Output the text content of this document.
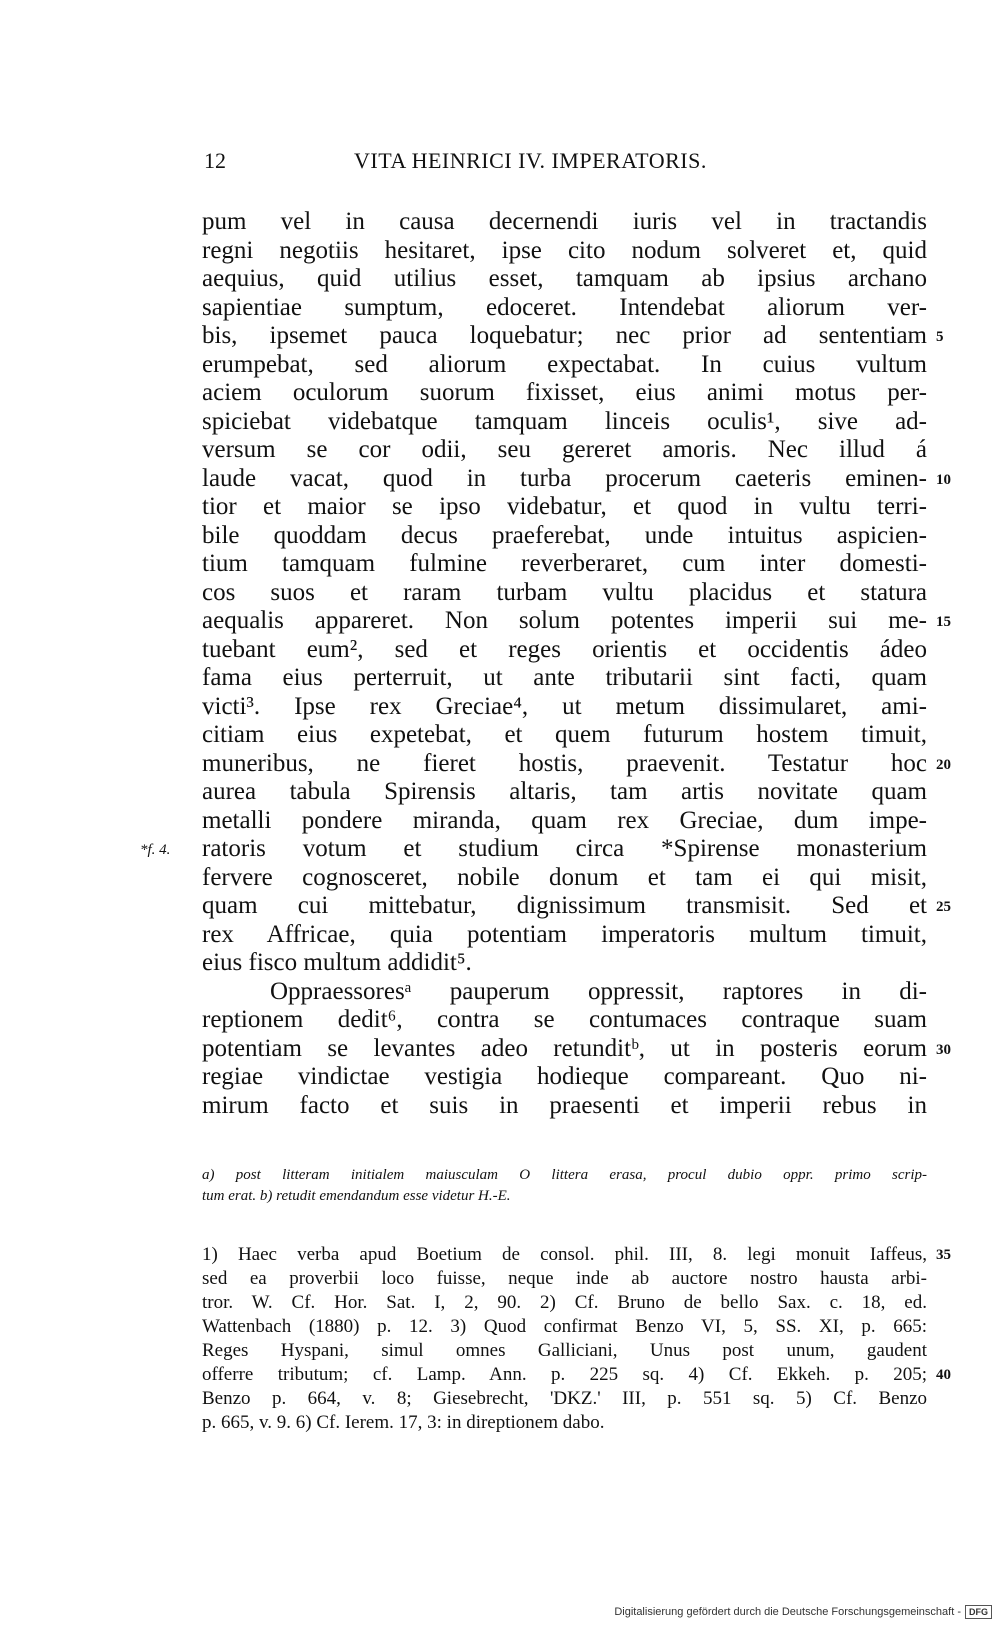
12	VITA HEINRICI IV. IMPERATORIS.
pum vel in causa decernendi iuris vel in tractandis
regni negotiis hesitaret, ipse cito nodum solveret et, quid
aequius, quid utilius esset, tamquam ab ipsius archano
sapientiae sumptum, edoceret. Intendebat aliorum ver-
bis, ipsemet pauca loquebatur; nec prior ad sententiam 5
erumpebat, sed aliorum expectabat. In cuius vultum
aciem oculorum suorum fixisset, eius animi motus per-
spiciebat videbatque tamquam linceis oculis¹, sive ad-
versum se cor odii, seu gereret amoris. Nec illud á
laude vacat, quod in turba procerum caeteris eminen- 10
tior et maior se ipso videbatur, et quod in vultu terri-
bile quoddam decus praeferebat, unde intuitus aspicien-
tium tamquam fulmine reverberaret, cum inter domesti-
cos suos et raram turbam vultu placidus et statura
aequalis appareret. Non solum potentes imperii sui me- 15
tuebant eum², sed et reges orientis et occidentis ádeo
fama eius perterruit, ut ante tributarii sint facti, quam
victi³. Ipse rex Greciae⁴, ut metum dissimularet, ami-
citiam eius expetebat, et quem futurum hostem timuit,
muneribus, ne fieret hostis, praevenit. Testatur hoc 20
aurea tabula Spirensis altaris, tam artis novitate quam
metalli pondere miranda, quam rex Greciae, dum impe-
ratoris votum et studium circa *Spirense monasterium
*f. 4.
fervere cognosceret, nobile donum et tam ei qui misit,
quam cui mittebatur, dignissimum transmisit. Sed et 25
rex Affricae, quia potentiam imperatoris multum timuit,
eius fisco multum addidit⁵.
Oppraessoresᵃ pauperum oppressit, raptores in di-
reptionem dedit⁶, contra se contumaces contraque suam
potentiam se levantes adeo retunditᵇ, ut in posteris eorum 30
regiae vindictae vestigia hodieque compareant. Quo ni-
mirum facto et suis in praesenti et imperii rebus in
a) post litteram initialem maiusculam O littera erasa, procul dubio oppr. primo scrip-
tum erat. b) retudit emendandum esse videtur H.-E.
1) Haec verba apud Boetium de consol. phil. III, 8. legi monuit Iaffeus, 35
sed ea proverbii loco fuisse, neque inde ab auctore nostro hausta arbi-
tror. W. Cf. Hor. Sat. I, 2, 90. 2) Cf. Bruno de bello Sax. c. 18, ed.
Wattenbach (1880) p. 12. 3) Quod confirmat Benzo VI, 5, SS. XI, p. 665:
Reges Hyspani, simul omnes Galliciani, Unus post unum, gaudent
offerre tributum; cf. Lamp. Ann. p. 225 sq. 4) Cf. Ekkeh. p. 205; 40
Benzo p. 664, v. 8; Giesebrecht, 'DKZ.' III, p. 551 sq. 5) Cf. Benzo
p. 665, v. 9. 6) Cf. Ierem. 17, 3: in direptionem dabo.
Digitalisierung gefördert durch die Deutsche Forschungsgemeinschaft - DFG
